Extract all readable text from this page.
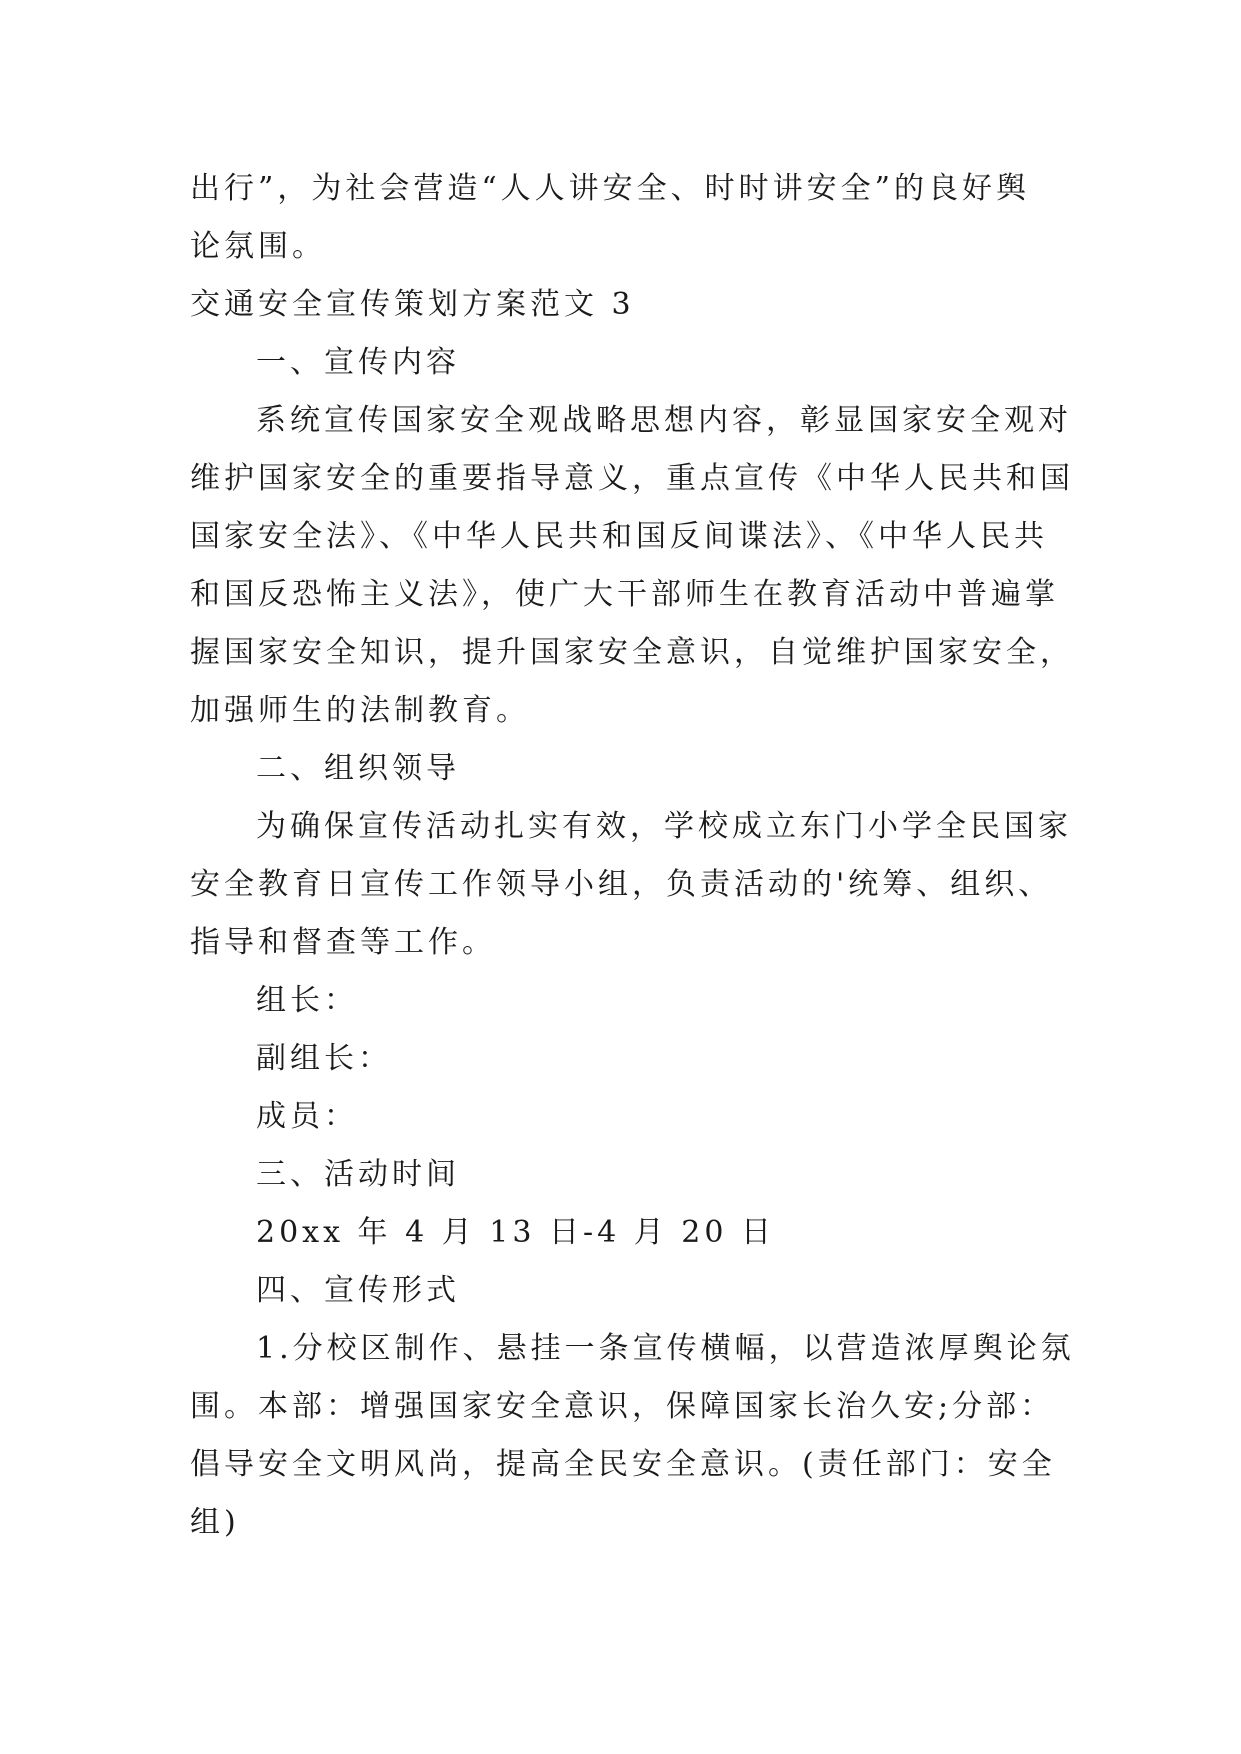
出行”，为社会营造“人人讲安全、时时讲安全”的良好舆
论氛围。
交通安全宣传策划方案范文 3
一、宣传内容
系统宣传国家安全观战略思想内容，彰显国家安全观对
维护国家安全的重要指导意义，重点宣传《中华人民共和国
国家安全法》、《中华人民共和国反间谍法》、《中华人民共
和国反恐怖主义法》，使广大干部师生在教育活动中普遍掌
握国家安全知识，提升国家安全意识，自觉维护国家安全，
加强师生的法制教育。
二、组织领导
为确保宣传活动扎实有效，学校成立东门小学全民国家
安全教育日宣传工作领导小组，负责活动的'统筹、组织、
指导和督查等工作。
组长：
副组长：
成员：
三、活动时间
20xx 年 4 月 13 日-4 月 20 日
四、宣传形式
1.分校区制作、悬挂一条宣传横幅，以营造浓厚舆论氛
围。本部：增强国家安全意识，保障国家长治久安;分部：
倡导安全文明风尚，提高全民安全意识。(责任部门：安全
组)
